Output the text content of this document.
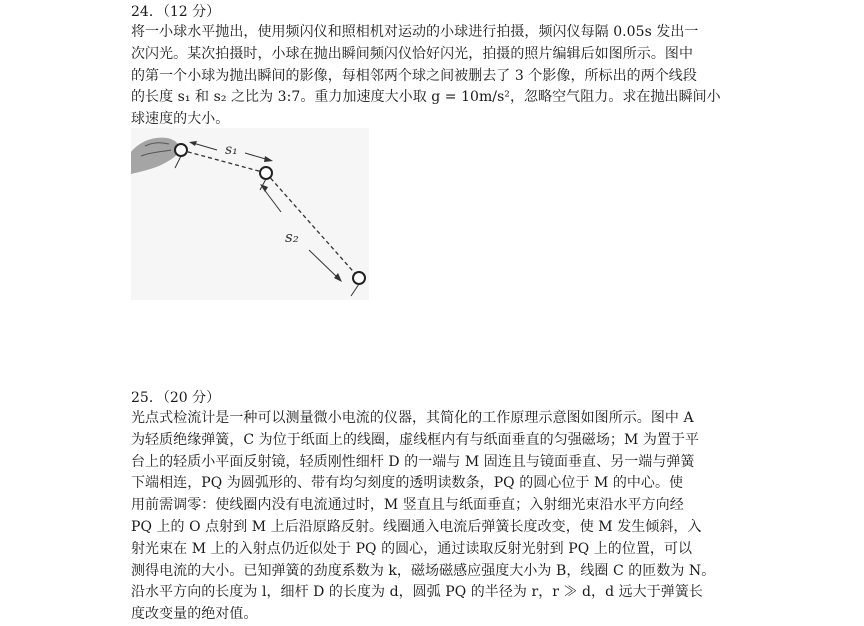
24．（12 分）
将一小球水平抛出，使用频闪仪和照相机对运动的小球进行拍摄，频闪仪每隔 0.05s 发出一
次闪光。某次拍摄时，小球在抛出瞬间频闪仪恰好闪光，拍摄的照片编辑后如图所示。图中
的第一个小球为抛出瞬间的影像，每相邻两个球之间被删去了 3 个影像，所标出的两个线段
的长度 s₁ 和 s₂ 之比为 3:7。重力加速度大小取 g = 10m/s²，忽略空气阻力。求在抛出瞬间小
球速度的大小。
s₁
s₂
25．（20 分）
光点式检流计是一种可以测量微小电流的仪器，其简化的工作原理示意图如图所示。图中 A
为轻质绝缘弹簧，C 为位于纸面上的线圈，虚线框内有与纸面垂直的匀强磁场；M 为置于平
台上的轻质小平面反射镜，轻质刚性细杆 D 的一端与 M 固连且与镜面垂直、另一端与弹簧
下端相连，PQ 为圆弧形的、带有均匀刻度的透明读数条，PQ 的圆心位于 M 的中心。使
用前需调零：使线圈内没有电流通过时，M 竖直且与纸面垂直；入射细光束沿水平方向经
PQ 上的 O 点射到 M 上后沿原路反射。线圈通入电流后弹簧长度改变，使 M 发生倾斜，入
射光束在 M 上的入射点仍近似处于 PQ 的圆心，通过读取反射光射到 PQ 上的位置，可以
测得电流的大小。已知弹簧的劲度系数为 k，磁场磁感应强度大小为 B，线圈 C 的匝数为 N。
沿水平方向的长度为 l，细杆 D 的长度为 d，圆弧 PQ 的半径为 r，r ≫ d，d 远大于弹簧长
度改变量的绝对值。
